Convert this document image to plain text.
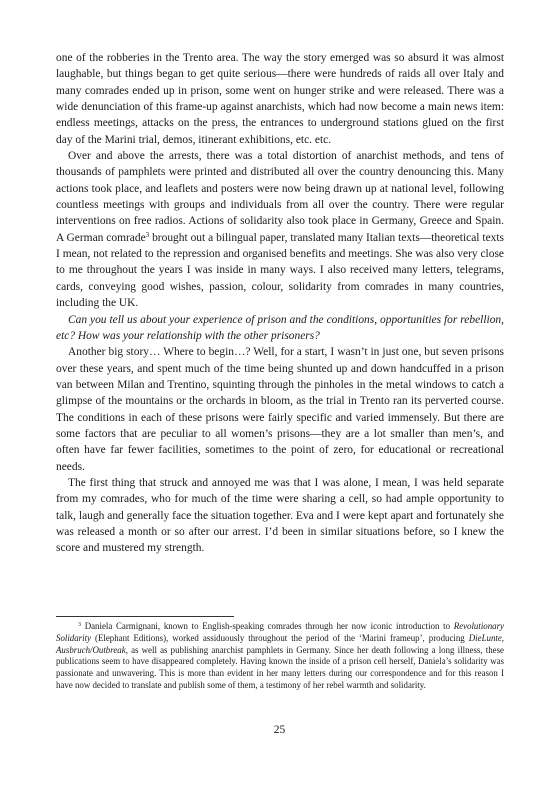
one of the robberies in the Trento area. The way the story emerged was so absurd it was almost laughable, but things began to get quite serious—there were hundreds of raids all over Italy and many comrades ended up in prison, some went on hunger strike and were released. There was a wide denunciation of this frame-up against anarchists, which had now become a main news item: endless meetings, attacks on the press, the entrances to underground stations glued on the first day of the Marini trial, demos, itinerant exhibitions, etc. etc.

Over and above the arrests, there was a total distortion of anarchist methods, and tens of thousands of pamphlets were printed and distributed all over the country denouncing this. Many actions took place, and leaflets and posters were now being drawn up at national level, following countless meetings with groups and individuals from all over the country. There were regular interventions on free radios. Actions of solidarity also took place in Germany, Greece and Spain. A German comrade$^3$ brought out a bilingual paper, translated many Italian texts—theoretical texts I mean, not related to the repression and organised benefits and meetings. She was also very close to me throughout the years I was inside in many ways. I also received many letters, telegrams, cards, conveying good wishes, passion, colour, solidarity from comrades in many countries, including the UK.

Can you tell us about your experience of prison and the conditions, opportunities for rebellion, etc? How was your relationship with the other prisoners?

Another big story… Where to begin…? Well, for a start, I wasn’t in just one, but seven prisons over these years, and spent much of the time being shunted up and down handcuffed in a prison van between Milan and Trentino, squinting through the pinholes in the metal windows to catch a glimpse of the mountains or the orchards in bloom, as the trial in Trento ran its perverted course. The conditions in each of these prisons were fairly specific and varied immensely. But there are some factors that are peculiar to all women’s prisons—they are a lot smaller than men’s, and often have far fewer facilities, sometimes to the point of zero, for educational or recreational needs.

The first thing that struck and annoyed me was that I was alone, I mean, I was held separate from my comrades, who for much of the time were sharing a cell, so had ample opportunity to talk, laugh and generally face the situation together. Eva and I were kept apart and fortunately she was released a month or so after our arrest. I’d been in similar situations before, so I knew the score and mustered my strength.

$^3$ Daniela Carmignani, known to English-speaking comrades through her now iconic introduction to Revolutionary Solidarity (Elephant Editions), worked assiduously throughout the period of the ‘Marini frameup’, producing DieLunte, Ausbruch/Outbreak, as well as publishing anarchist pamphlets in Germany. Since her death following a long illness, these publications seem to have disappeared completely. Having known the inside of a prison cell herself, Daniela’s solidarity was passionate and unwavering. This is more than evident in her many letters during our correspondence and for this reason I have now decided to translate and publish some of them, a testimony of her rebel warmth and solidarity.

25
